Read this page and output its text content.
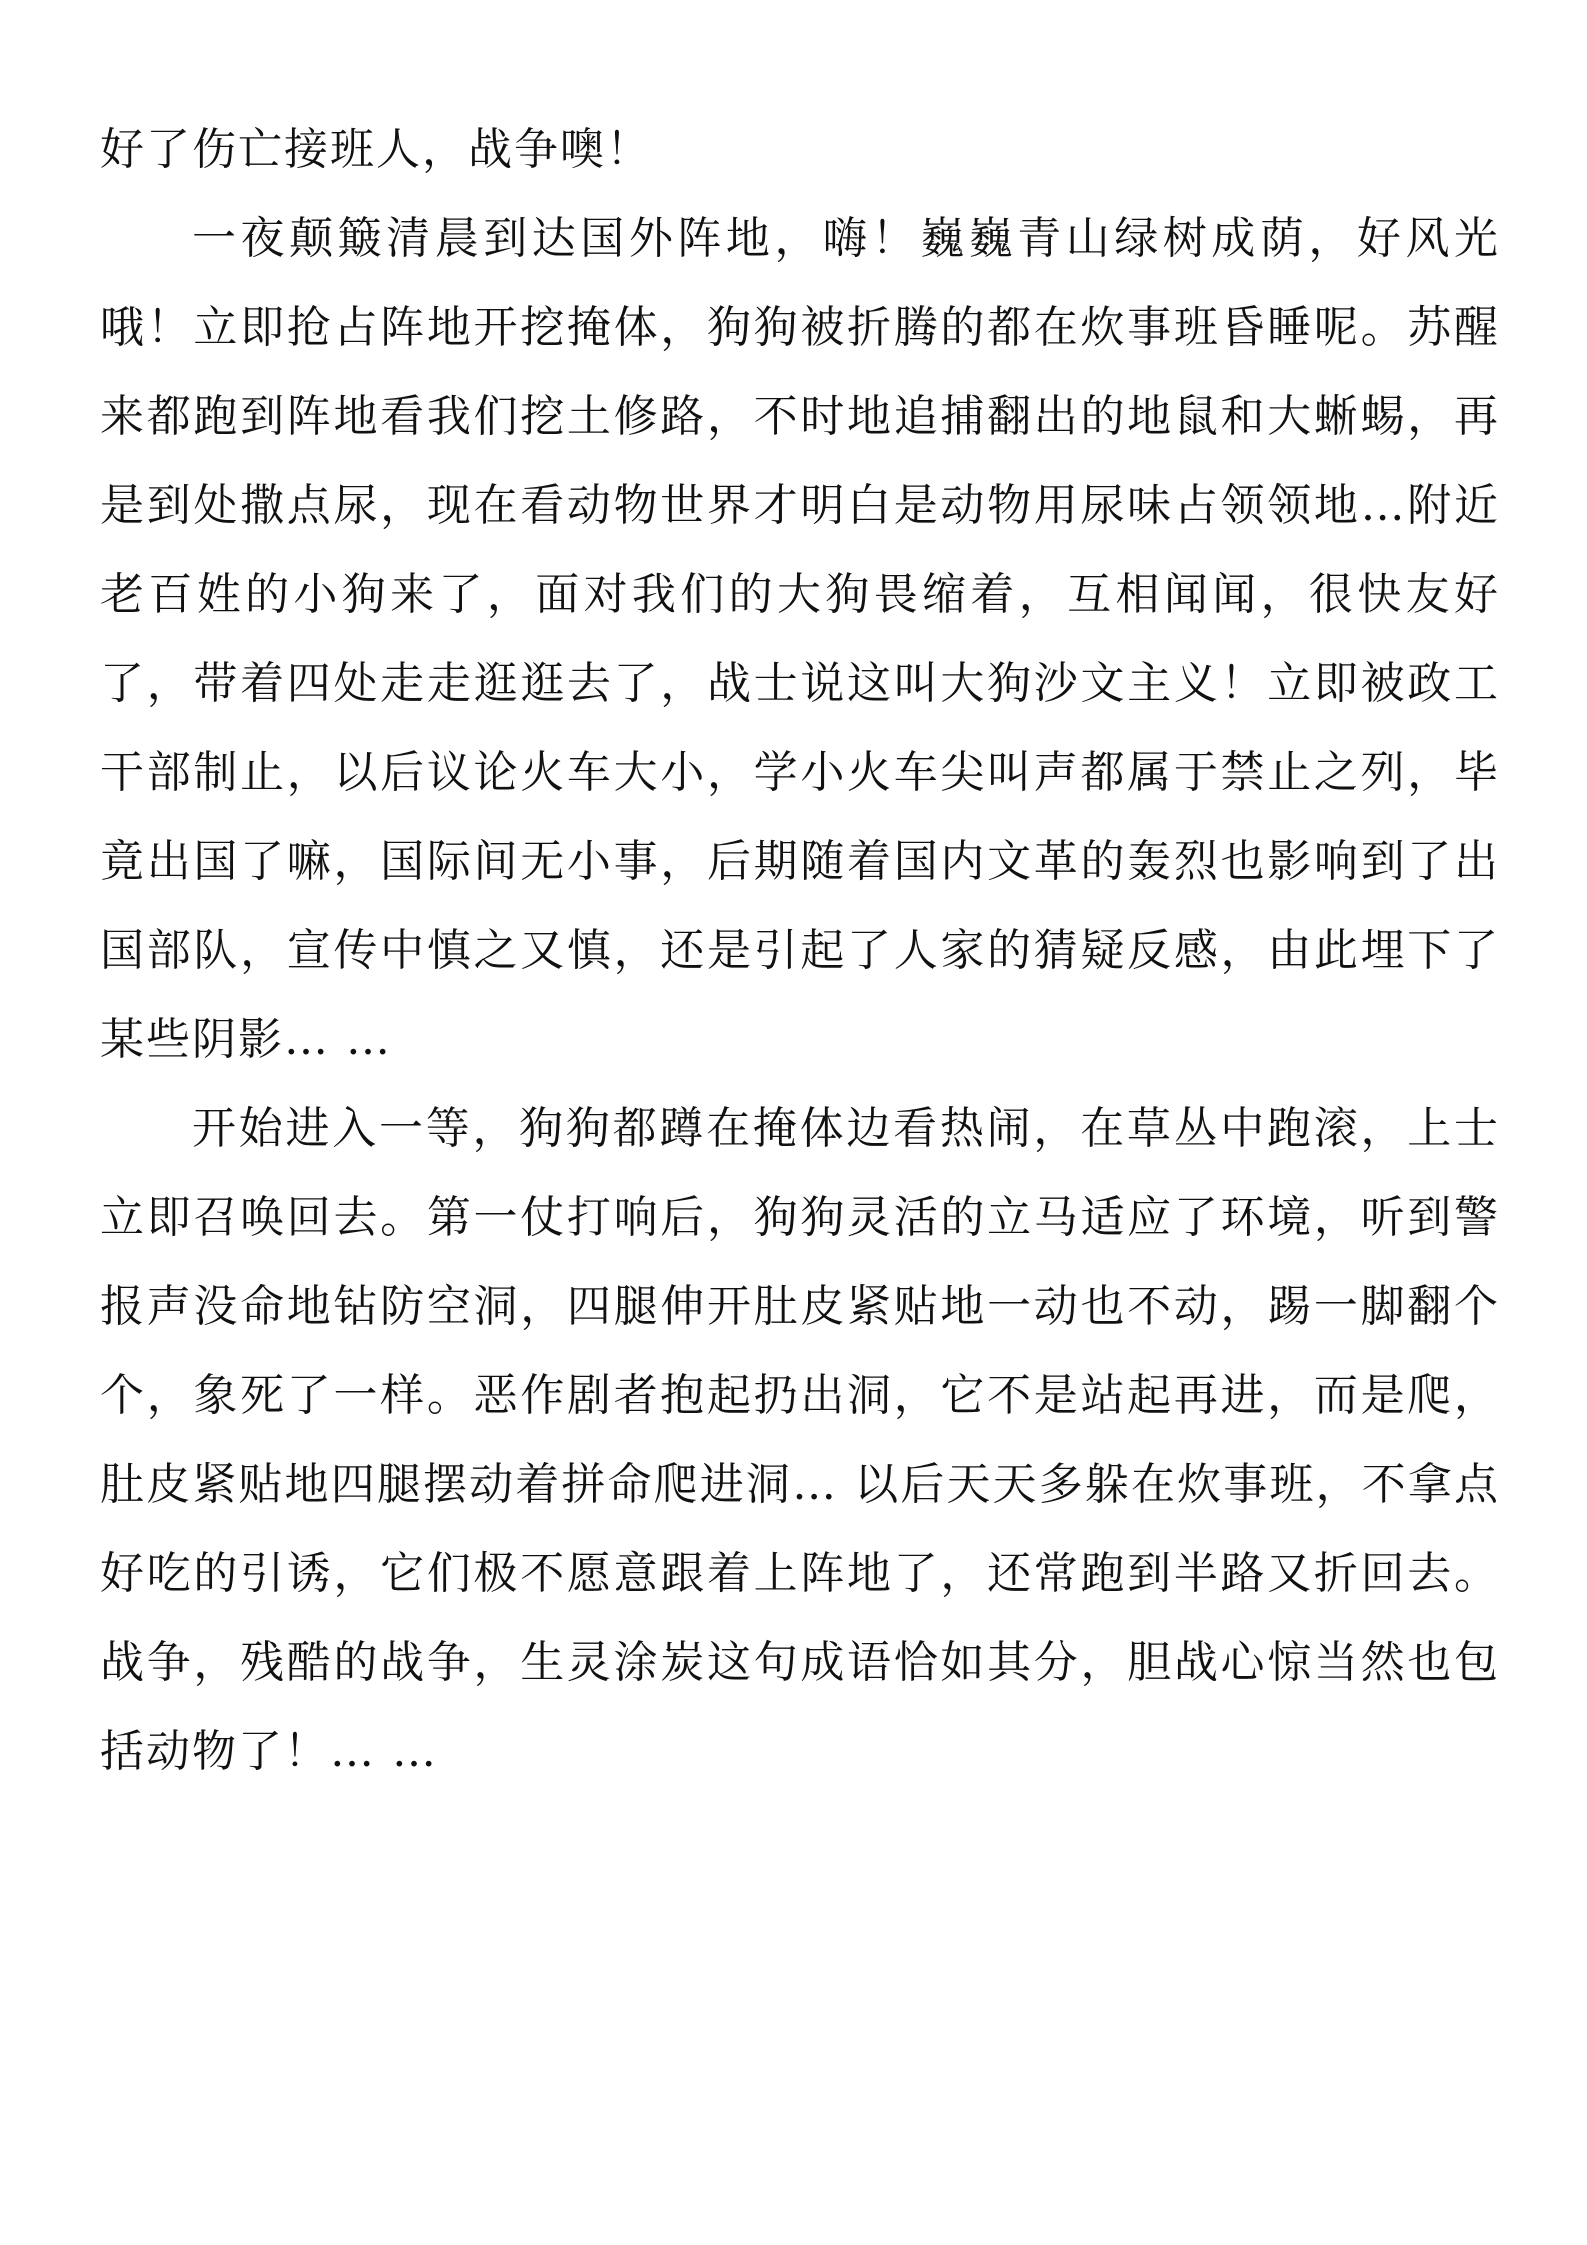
好了伤亡接班人，战争噢！

一夜颠簸清晨到达国外阵地，嗨！巍巍青山绿树成荫，好风光哦！立即抢占阵地开挖掩体，狗狗被折腾的都在炊事班昏睡呢。苏醒来都跑到阵地看我们挖土修路，不时地追捕翻出的地鼠和大蜥蜴，再是到处撒点尿，现在看动物世界才明白是动物用尿味占领领地…附近老百姓的小狗来了，面对我们的大狗畏缩着，互相闻闻，很快友好了，带着四处走走逛逛去了，战士说这叫大狗沙文主义！立即被政工干部制止，以后议论火车大小，学小火车尖叫声都属于禁止之列，毕竟出国了嘛，国际间无小事，后期随着国内文革的轰烈也影响到了出国部队，宣传中慎之又慎，还是引起了人家的猜疑反感，由此埋下了某些阴影… …

开始进入一等，狗狗都蹲在掩体边看热闹，在草丛中跑滚，上士立即召唤回去。第一仗打响后，狗狗灵活的立马适应了环境，听到警报声没命地钻防空洞，四腿伸开肚皮紧贴地一动也不动，踢一脚翻个个，象死了一样。恶作剧者抱起扔出洞，它不是站起再进，而是爬，肚皮紧贴地四腿摆动着拼命爬进洞… 以后天天多躲在炊事班，不拿点好吃的引诱，它们极不愿意跟着上阵地了，还常跑到半路又折回去。战争，残酷的战争，生灵涂炭这句成语恰如其分，胆战心惊当然也包括动物了！… …
